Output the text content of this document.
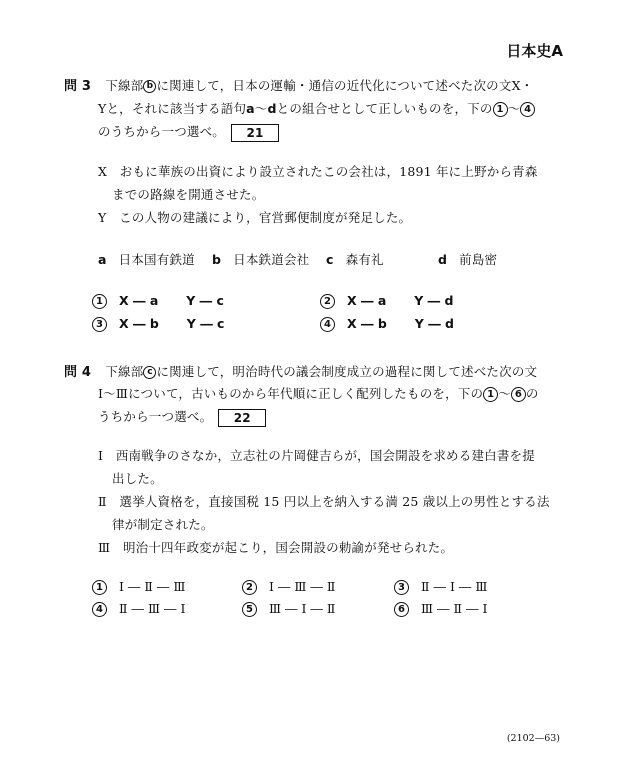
日本史A
問 3 下線部 b に関連して，日本の運輸・通信の近代化について述べた次の文X・
Yと，それに該当する語句a～dとの組合せとして正しいものを，下の 1 ～ 4
のうちから一つ選べ。 21
X　おもに華族の出資により設立されたこの会社は，1891 年に上野から青森
までの路線を開通させた。
Y　この人物の建議により，官営郵便制度が発足した。
a 日本国有鉄道 b 日本鉄道会社 c 森有礼	d 前島密
1 X ― a Y ― c	2 X ― a Y ― d
3 X ― b Y ― c	4 X ― b Y ― d
問 4 下線部 c に関連して，明治時代の議会制度成立の過程に関して述べた次の文
Ⅰ～Ⅲについて，古いものから年代順に正しく配列したものを，下の 1 ～ 6 の
うちから一つ選べ。 22
Ⅰ　西南戦争のさなか，立志社の片岡健吉らが，国会開設を求める建白書を提
出した。
Ⅱ　選挙人資格を，直接国税 15 円以上を納入する満 25 歳以上の男性とする法
律が制定された。
Ⅲ　明治十四年政変が起こり，国会開設の勅諭が発せられた。
1 Ⅰ ― Ⅱ ― Ⅲ	2 Ⅰ ― Ⅲ ― Ⅱ	3 Ⅱ ― Ⅰ ― Ⅲ
4 Ⅱ ― Ⅲ ― Ⅰ	5 Ⅲ ― Ⅰ ― Ⅱ	6 Ⅲ ― Ⅱ ― Ⅰ
(2102—63)
